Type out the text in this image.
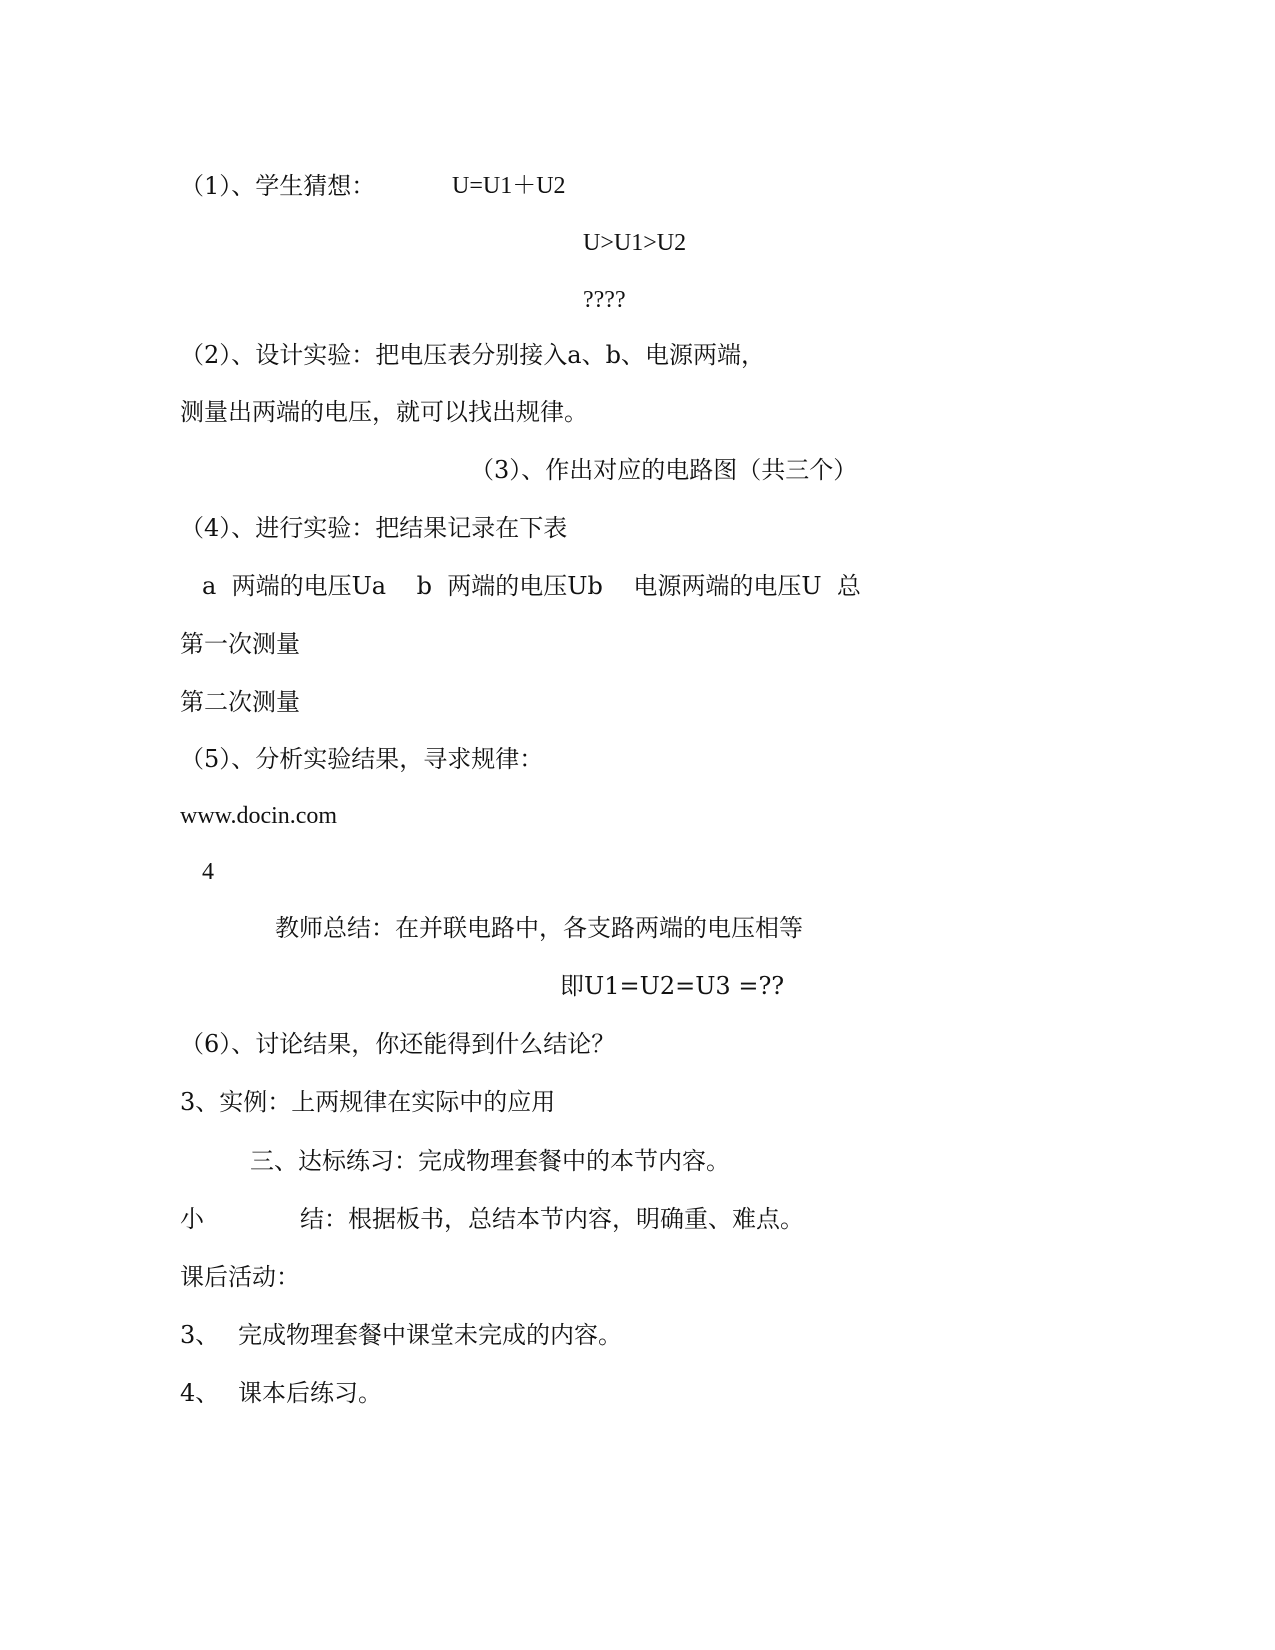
（1）、学生猜想：	U=U1＋U2
U>U1>U2
????
（2）、设计实验：把电压表分别接入a、b、电源两端，
测量出两端的电压，就可以找出规律。
（3）、作出对应的电路图（共三个）
（4）、进行实验：把结果记录在下表
a  两端的电压Ua    b  两端的电压Ub    电源两端的电压U  总
第一次测量
第二次测量
（5）、分析实验结果，寻求规律：
www.docin.com
4
教师总结：在并联电路中，各支路两端的电压相等
即U1=U2=U3 =??
（6）、讨论结果，你还能得到什么结论？
3、实例：上两规律在实际中的应用
三、达标练习：完成物理套餐中的本节内容。
小	结：根据板书，总结本节内容，明确重、难点。
课后活动：
3、 完成物理套餐中课堂未完成的内容。
4、 课本后练习。
